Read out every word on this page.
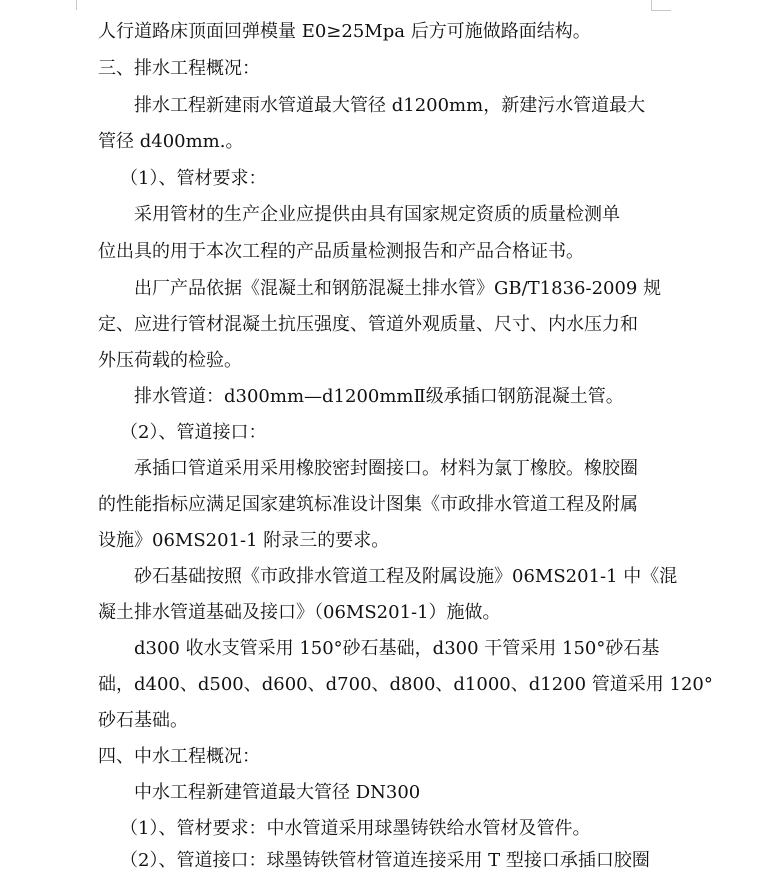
人行道路床顶面回弹模量 E0≥25Mpa 后方可施做路面结构。
三、排水工程概况：
排水工程新建雨水管道最大管径 d1200mm，新建污水管道最大
管径 d400mm.。
（1）、管材要求：
采用管材的生产企业应提供由具有国家规定资质的质量检测单
位出具的用于本次工程的产品质量检测报告和产品合格证书。
出厂产品依据《混凝土和钢筋混凝土排水管》GB/T1836-2009 规
定、应进行管材混凝土抗压强度、管道外观质量、尺寸、内水压力和
外压荷载的检验。
排水管道：d300mm—d1200mmⅡ级承插口钢筋混凝土管。
（2）、管道接口：
承插口管道采用采用橡胶密封圈接口。材料为氯丁橡胶。橡胶圈
的性能指标应满足国家建筑标准设计图集《市政排水管道工程及附属
设施》06MS201-1 附录三的要求。
砂石基础按照《市政排水管道工程及附属设施》06MS201-1 中《混
凝土排水管道基础及接口》（06MS201-1）施做。
d300 收水支管采用 150°砂石基础，d300 干管采用 150°砂石基
础，d400、d500、d600、d700、d800、d1000、d1200 管道采用 120°
砂石基础。
四、中水工程概况：
中水工程新建管道最大管径 DN300
（1）、管材要求：中水管道采用球墨铸铁给水管材及管件。
（2）、管道接口：球墨铸铁管材管道连接采用 T 型接口承插口胶圈
